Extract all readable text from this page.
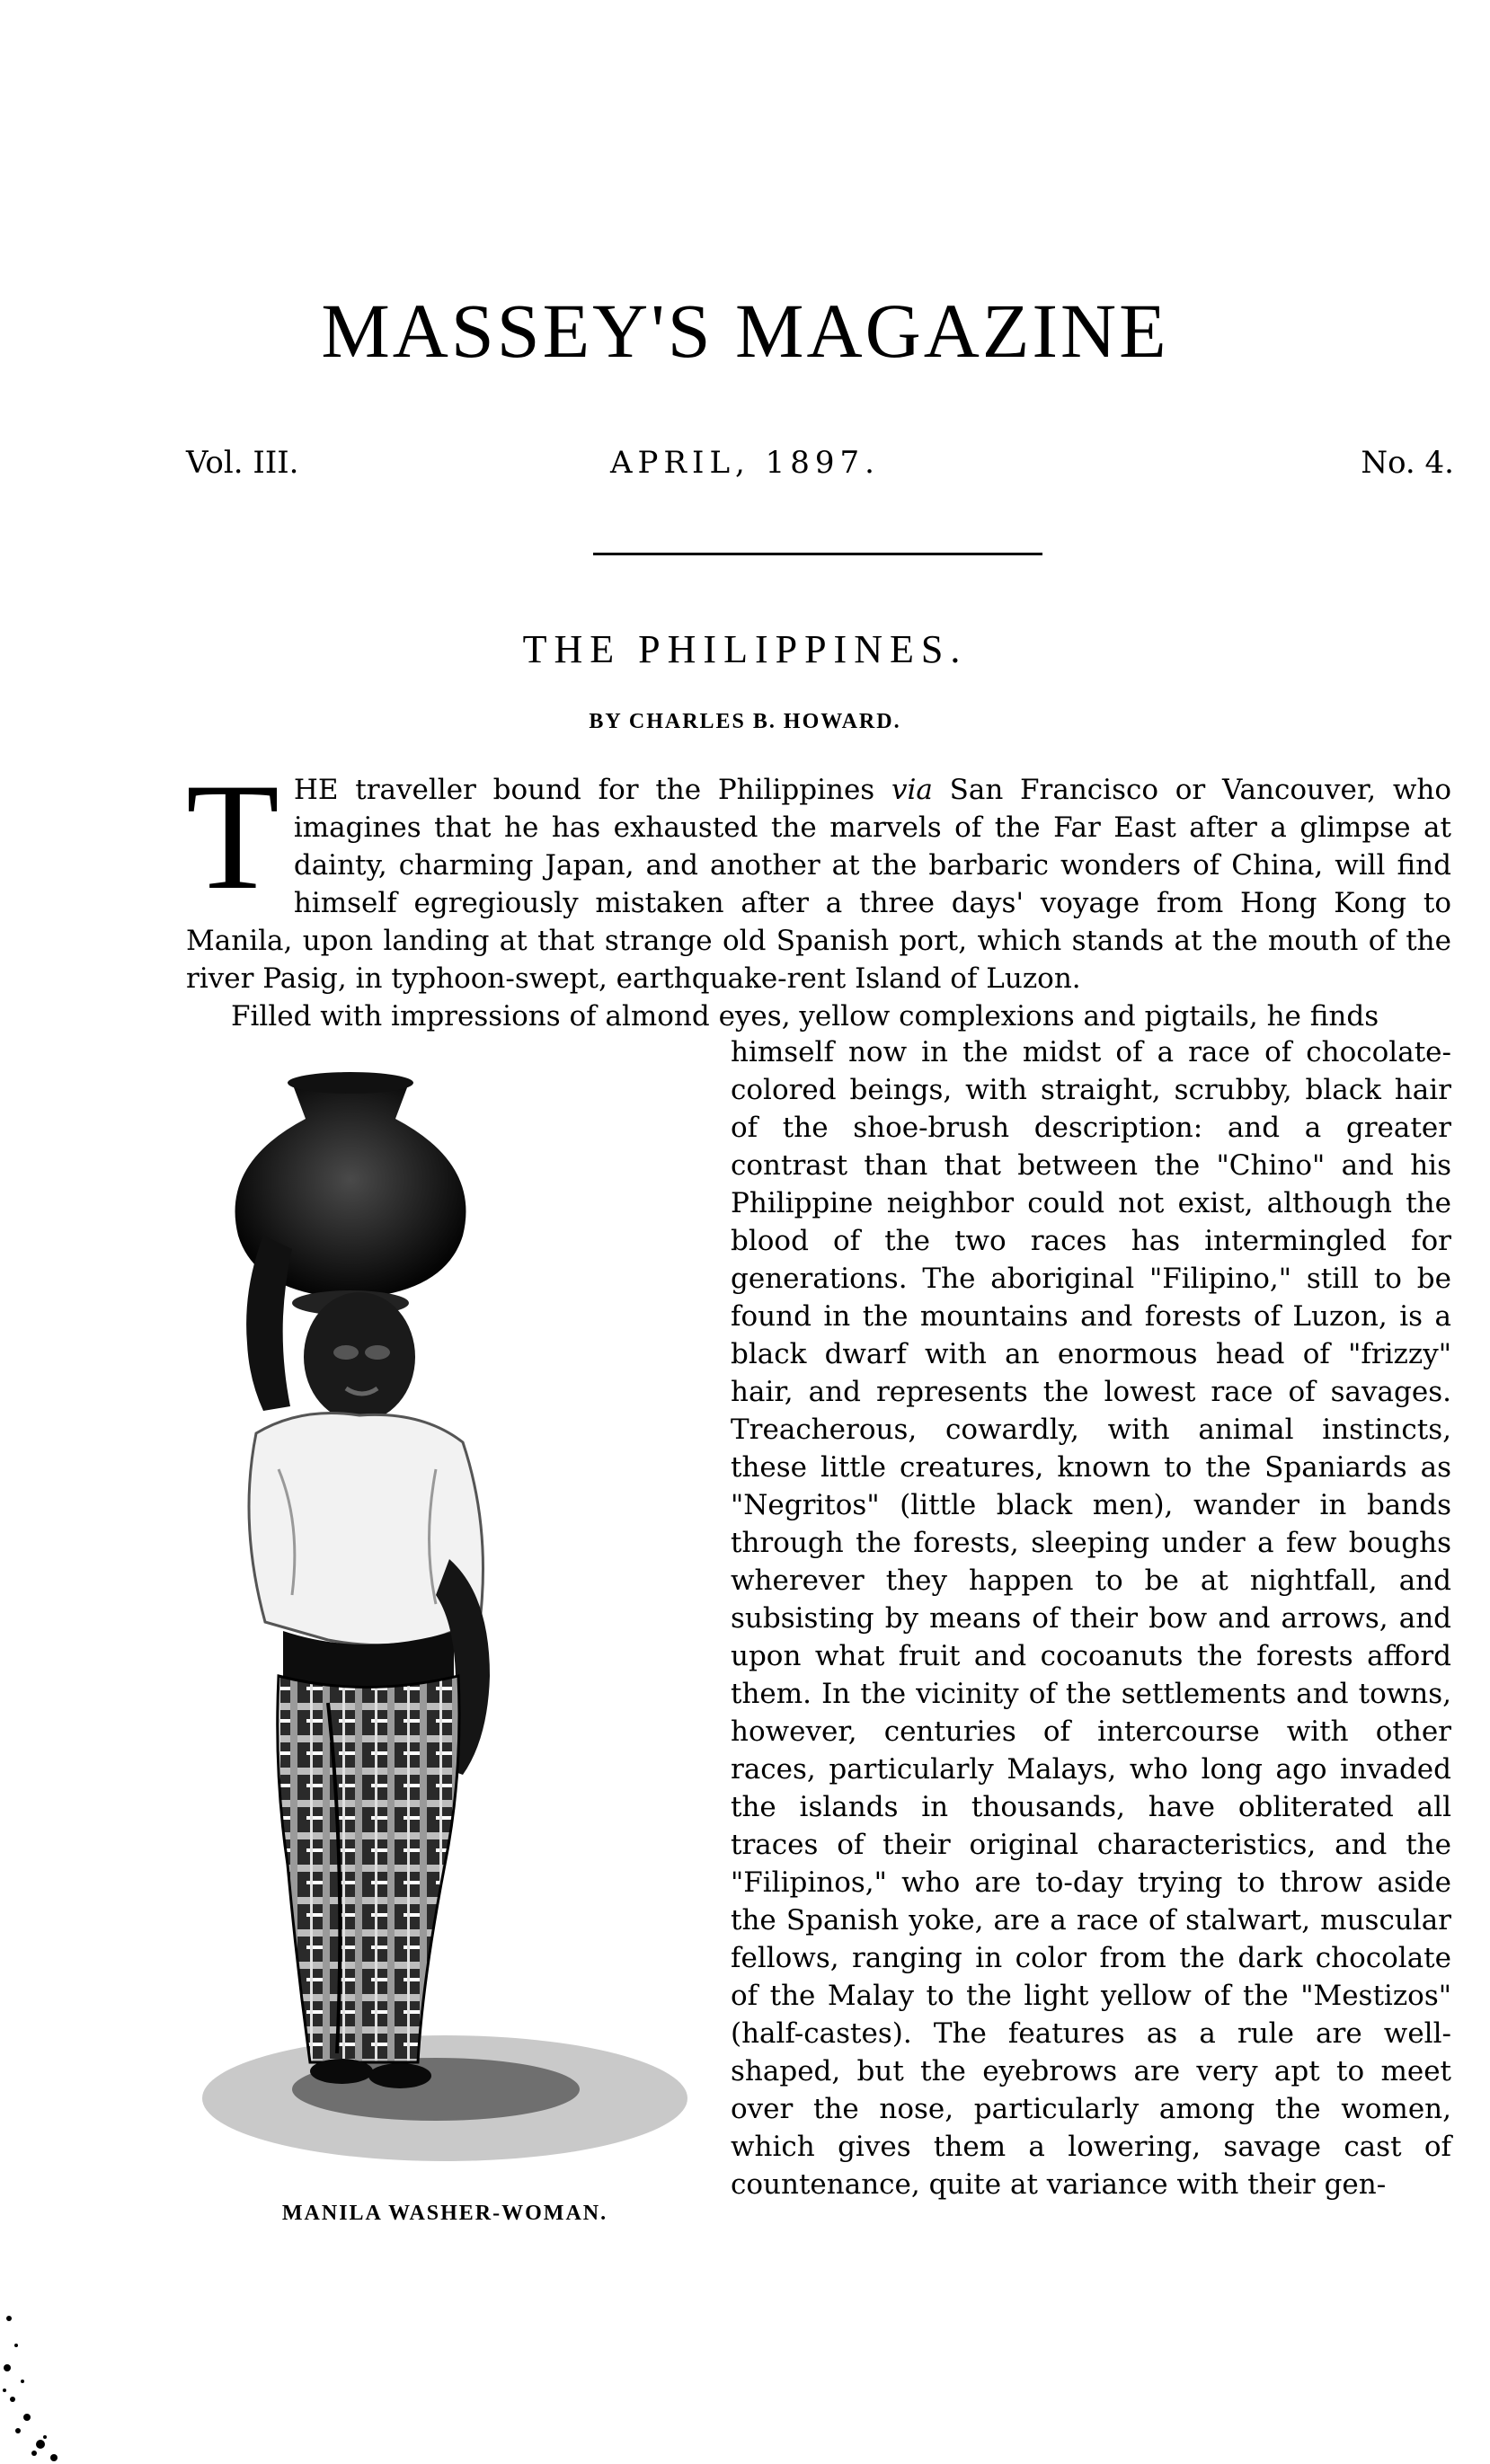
MASSEY'S MAGAZINE
Vol. III.	APRIL, 1897.	No. 4.
THE PHILIPPINES.
BY CHARLES B. HOWARD.

THE traveller bound for the Philippines via San Francisco or Vancouver, who imagines that he has exhausted the marvels of the Far East after a glimpse at dainty, charming Japan, and another at the barbaric wonders of China, will find himself egregiously mistaken after a three days' voyage from Hong Kong to Manila, upon landing at that strange old Spanish port, which stands at the mouth of the river Pasig, in typhoon-swept, earthquake-rent Island of Luzon.

Filled with impressions of almond eyes, yellow complexions and pigtails, he finds

MANILA WASHER-WOMAN.
himself now in the midst of a race of chocolate-colored beings, with straight, scrubby, black hair of the shoe-brush description: and a greater contrast than that between the "Chino" and his Philippine neighbor could not exist, although the blood of the two races has intermingled for generations. The aboriginal "Filipino," still to be found in the mountains and forests of Luzon, is a black dwarf with an enormous head of "frizzy" hair, and represents the lowest race of savages. Treacherous, cowardly, with animal instincts, these little creatures, known to the Spaniards as "Negritos" (little black men), wander in bands through the forests, sleeping under a few boughs wherever they happen to be at nightfall, and subsisting by means of their bow and arrows, and upon what fruit and cocoanuts the forests afford them. In the vicinity of the settlements and towns, however, centuries of intercourse with other races, particularly Malays, who long ago invaded the islands in thousands, have obliterated all traces of their original characteristics, and the "Filipinos," who are to-day trying to throw aside the Spanish yoke, are a race of stalwart, muscular fellows, ranging in color from the dark chocolate of the Malay to the light yellow of the "Mestizos" (half-castes). The features as a rule are well-shaped, but the eyebrows are very apt to meet over the nose, particularly among the women, which gives them a lowering, savage cast of countenance, quite at variance with their gen-
